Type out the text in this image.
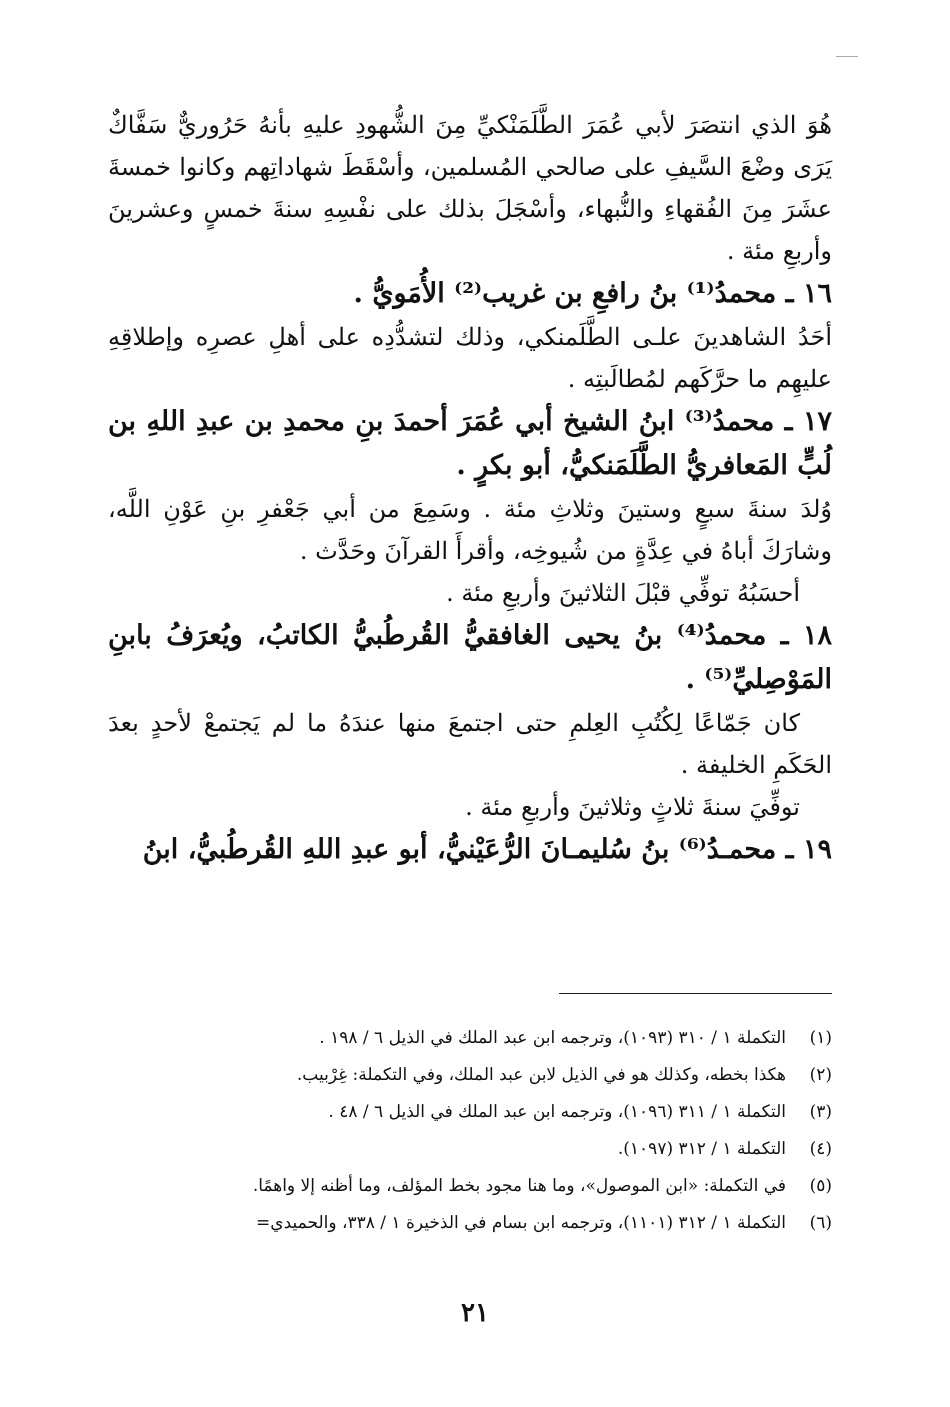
هُوَ الذي انتصَرَ لأبي عُمَرَ الطَّلَمَنْكيِّ مِنَ الشُّهودِ عليهِ بأنهُ حَرُوريٌّ سَفَّاكٌ يَرَى وضْعَ السَّيفِ على صالحي المُسلمين، وأسْقَطَ شهاداتِهم وكانوا خمسةَ عشَرَ مِنَ الفُقهاءِ والنُّبهاء، وأسْجَلَ بذلك على نفْسِهِ سنةَ خمسٍ وعشرينَ وأربعِ مئة .

١٦ ـ محمدُ⁽¹⁾ بنُ رافعِ بن غريب⁽²⁾ الأُمَويُّ .

أحَدُ الشاهدينَ علـى الطَّلَمنكي، وذلك لتشدُّدِه على أهلِ عصرِه وإطلاقِهِ عليهِم ما حرَّكَهم لمُطالَبتِه .

١٧ ـ محمدُ⁽³⁾ ابنُ الشيخ أبي عُمَرَ أحمدَ بنِ محمدِ بن عبدِ اللهِ بن لُبٍّ المَعافريُّ الطَّلَمَنكيُّ، أبو بكرٍ .

وُلدَ سنةَ سبعٍ وستينَ وثلاثِ مئة . وسَمِعَ من أبي جَعْفرِ بنِ عَوْنِ اللَّه، وشارَكَ أباهُ في عِدَّةٍ من شُيوخِه، وأقرأَ القرآنَ وحَدَّث .

أحسَبُهُ توفِّي قبْلَ الثلاثينَ وأربعِ مئة .

١٨ ـ محمدُ⁽⁴⁾ بنُ يحيى الغافقيُّ القُرطُبيُّ الكاتبُ، ويُعرَفُ بابنِ المَوْصِليِّ⁽⁵⁾ .

كان جَمّاعًا لِكُتُبِ العِلمِ حتى اجتمعَ منها عندَهُ ما لم يَجتمعْ لأحدٍ بعدَ الحَكَمِ الخليفة .

توفِّيَ سنةَ ثلاثٍ وثلاثينَ وأربعِ مئة .

١٩ ـ محمـدُ⁽⁶⁾ بنُ سُليمـانَ الرُّعَيْنيُّ، أبو عبدِ اللهِ القُرطُبيُّ، ابنُ

(١)
التكملة ١ / ٣١٠ (١٠٩٣)، وترجمه ابن عبد الملك في الذيل ٦ / ١٩٨ .
(٢)
هكذا بخطه، وكذلك هو في الذيل لابن عبد الملك، وفي التكملة: غِرْبيب.
(٣)
التكملة ١ / ٣١١ (١٠٩٦)، وترجمه ابن عبد الملك في الذيل ٦ / ٤٨ .
(٤)
التكملة ١ / ٣١٢ (١٠٩٧).
(٥)
في التكملة: «ابن الموصول»، وما هنا مجود بخط المؤلف، وما أظنه إلا واهمًا.
(٦)
التكملة ١ / ٣١٢ (١١٠١)، وترجمه ابن بسام في الذخيرة ١ / ٣٣٨، والحميدي=
٢١
